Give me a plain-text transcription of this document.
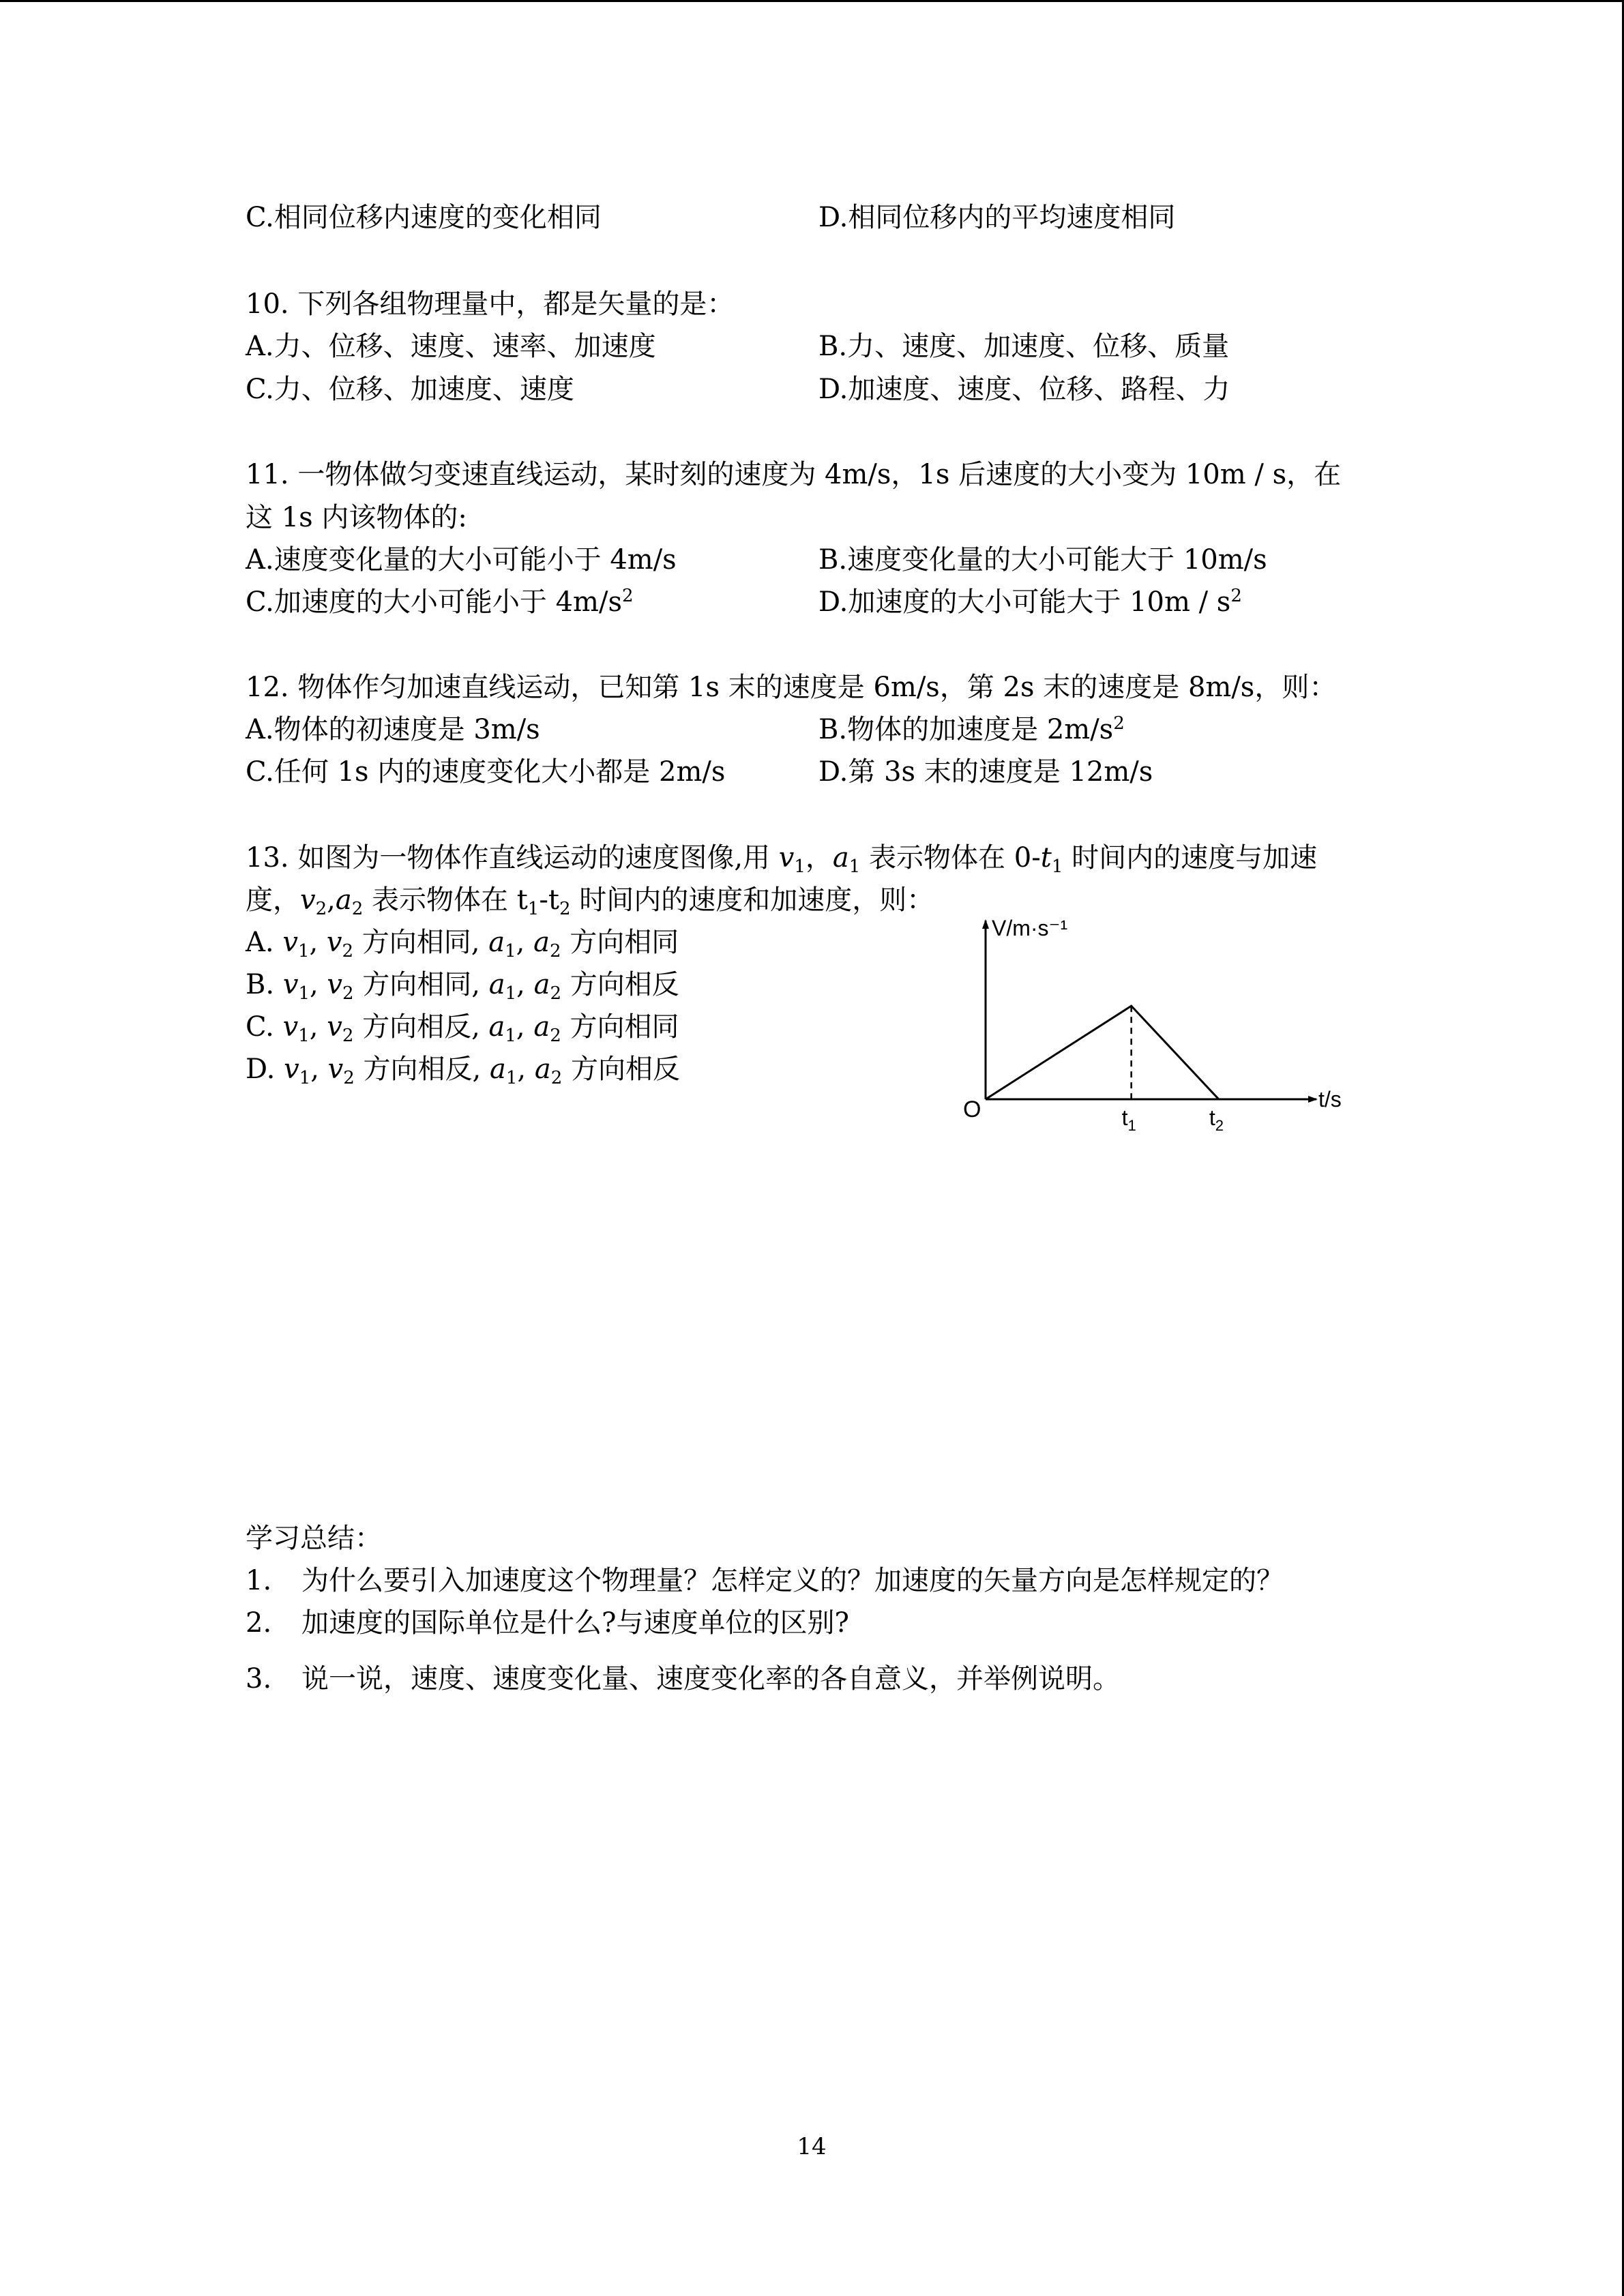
C.相同位移内速度的变化相同	D.相同位移内的平均速度相同
10. 下列各组物理量中，都是矢量的是：
A.力、位移、速度、速率、加速度	B.力、速度、加速度、位移、质量
C.力、位移、加速度、速度	D.加速度、速度、位移、路程、力
11. 一物体做匀变速直线运动，某时刻的速度为 4m/s，1s 后速度的大小变为 10m / s，在
这 1s 内该物体的:
A.速度变化量的大小可能小于 4m/s	B.速度变化量的大小可能大于 10m/s
C.加速度的大小可能小于 $4m/s^2$	D.加速度的大小可能大于 $10m / s^2$
12. 物体作匀加速直线运动，已知第 1s 末的速度是 6m/s，第 2s 末的速度是 8m/s，则：
A.物体的初速度是 3m/s	B.物体的加速度是 $2m/s^2$
C.任何 1s 内的速度变化大小都是 2m/s	D.第 3s 末的速度是 12m/s
13. 如图为一物体作直线运动的速度图像,用 $v_1$，$a_1$ 表示物体在 $0-t_1$ 时间内的速度与加速
度，$v_2,a_2$ 表示物体在 $t_1-t_2$ 时间内的速度和加速度，则：
A. $v_1$, $v_2$ 方向相同, $a_1$, $a_2$ 方向相同
B. $v_1$, $v_2$ 方向相同, $a_1$, $a_2$ 方向相反
C. $v_1$, $v_2$ 方向相反, $a_1$, $a_2$ 方向相同
D. $v_1$, $v_2$ 方向相反, $a_1$, $a_2$ 方向相反
V/m·s⁻¹
t/s
O	$t_1$	$t_2$
学习总结：
1. 为什么要引入加速度这个物理量？怎样定义的？加速度的矢量方向是怎样规定的？
2. 加速度的国际单位是什么?与速度单位的区别?
3. 说一说，速度、速度变化量、速度变化率的各自意义，并举例说明。
14
